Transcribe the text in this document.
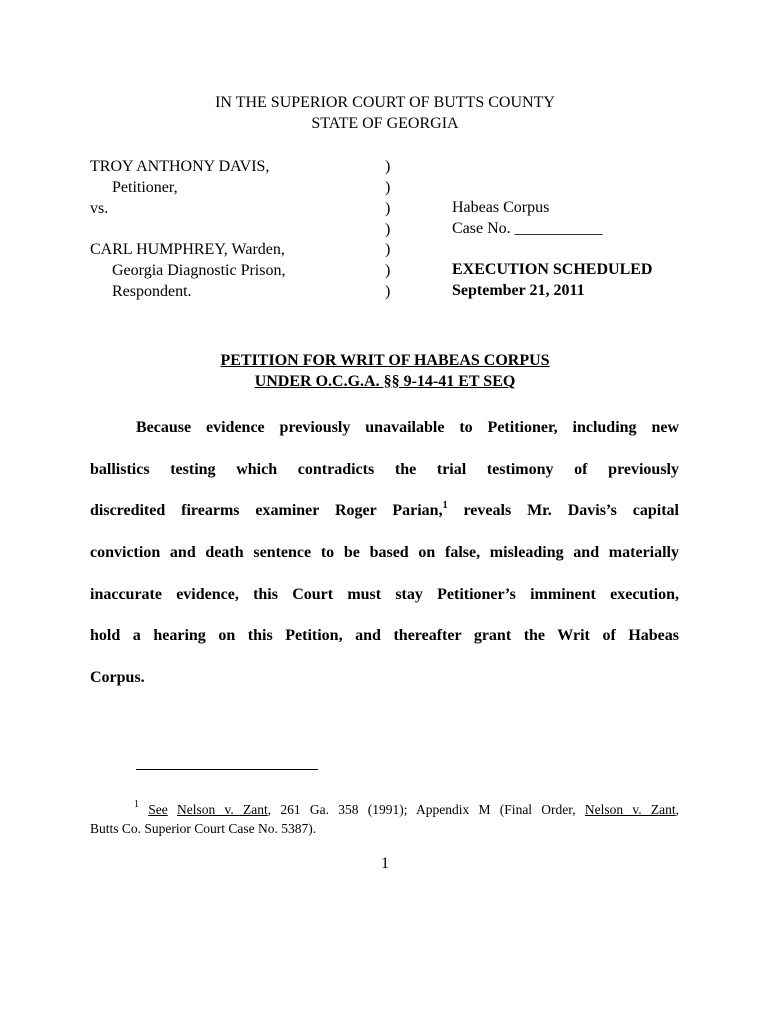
IN THE SUPERIOR COURT OF BUTTS COUNTY
STATE OF GEORGIA
TROY ANTHONY DAVIS,
Petitioner,
vs.
CARL HUMPHREY, Warden,
Georgia Diagnostic Prison,
Respondent.
)
)
)
)
)
)
)
Habeas Corpus
Case No. ___________
EXECUTION SCHEDULED
September 21, 2011
PETITION FOR WRIT OF HABEAS CORPUS
UNDER O.C.G.A. §§ 9-14-41 ET SEQ
Because evidence previously unavailable to Petitioner, including new
ballistics testing which contradicts the trial testimony of previously
discredited firearms examiner Roger Parian,$^1$ reveals Mr. Davis’s capital
conviction and death sentence to be based on false, misleading and materially
inaccurate evidence, this Court must stay Petitioner’s imminent execution,
hold a hearing on this Petition, and thereafter grant the Writ of Habeas
Corpus.
$^1$ See Nelson v. Zant, 261 Ga. 358 (1991); Appendix M (Final Order, Nelson v. Zant,
Butts Co. Superior Court Case No. 5387).
1
